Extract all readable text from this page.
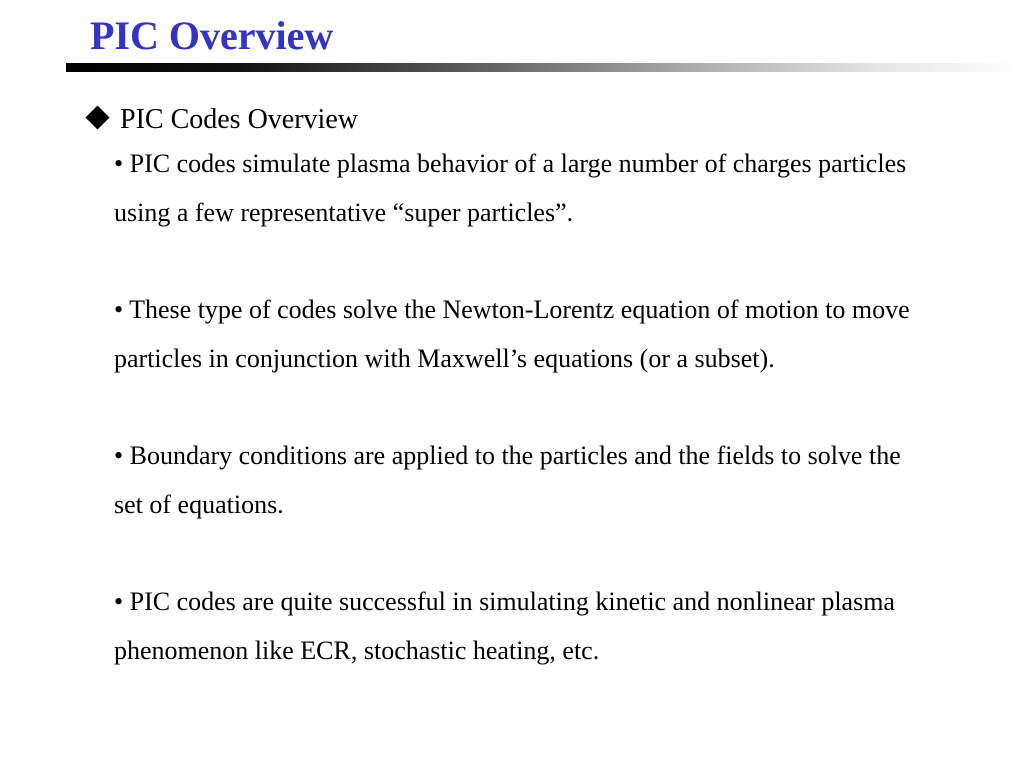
PIC Overview
PIC Codes Overview

• PIC codes simulate plasma behavior of a large number of charges particles using a few representative “super particles”.

• These type of codes solve the Newton-Lorentz equation of motion to move particles in conjunction with Maxwell’s equations (or a subset).

• Boundary conditions are applied to the particles and the fields to solve the set of equations.

• PIC codes are quite successful in simulating kinetic and nonlinear plasma phenomenon like ECR, stochastic heating, etc.
